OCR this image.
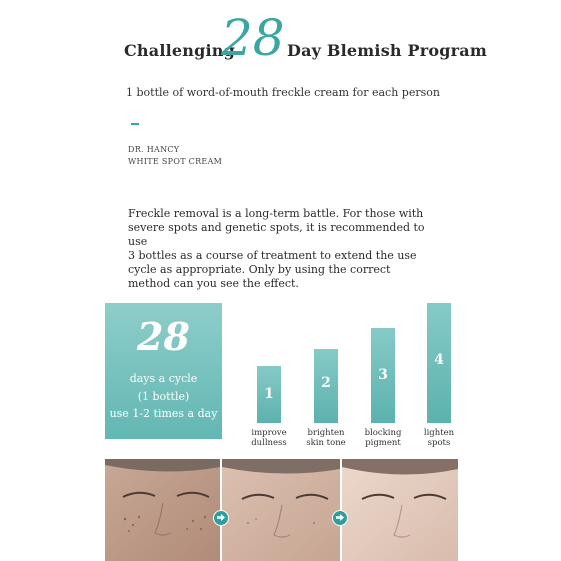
Challenging
28 Day Blemish Program
1 bottle of word-of-mouth freckle cream for each person
DR. HANCY
WHITE SPOT CREAM
Freckle removal is a long-term battle. For those with
severe spots and genetic spots, it is recommended to use
3 bottles as a course of treatment to extend the use
cycle as appropriate. Only by using the correct
method can you see the effect.
28
days a cycle
(1 bottle)
use 1-2 times a day
1
improve
dullness
2
brighten
skin tone
3
blocking
pigment
4
lighten
spots
